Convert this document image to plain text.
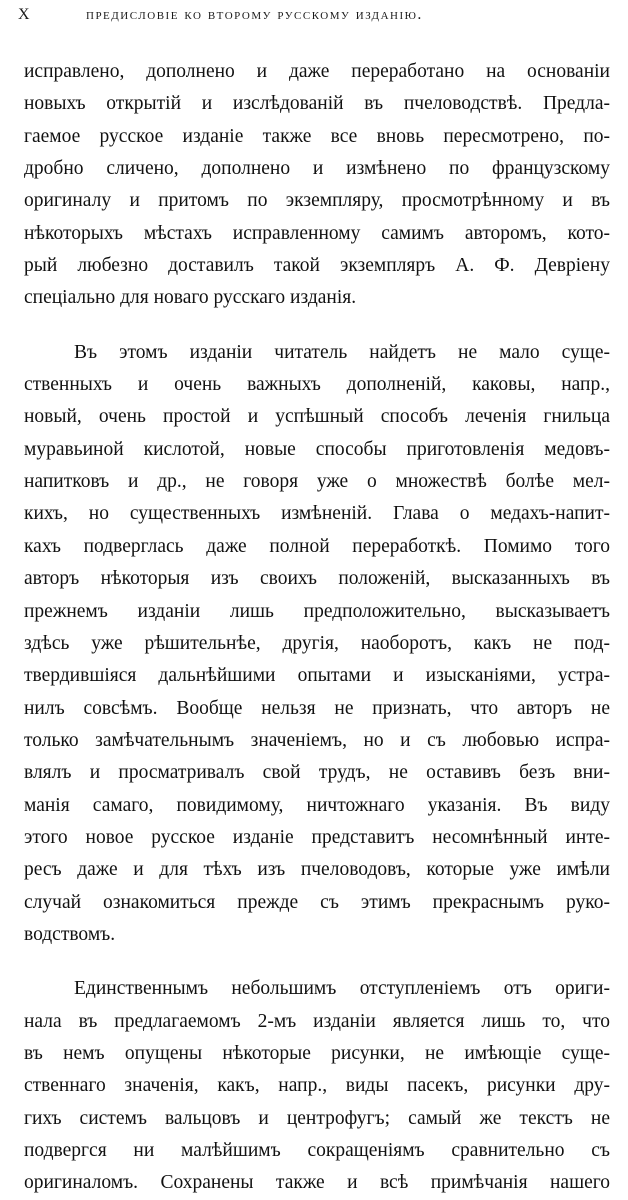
X	предисловіе ко второму русскому изданію.
исправлено, дополнено и даже переработано на основаніи
новыхъ открытій и изслѣдованій въ пчеловодствѣ. Предла-
гаемое русское изданіе также все вновь пересмотрено, по-
дробно сличено, дополнено и измѣнено по французскому
оригиналу и притомъ по экземпляру, просмотрѣнному и въ
нѣкоторыхъ мѣстахъ исправленному самимъ авторомъ, кото-
рый любезно доставилъ такой экземпляръ А. Ф. Девріену
спеціально для новаго русскаго изданія.
Въ этомъ изданіи читатель найдетъ не мало суще-
ственныхъ и очень важныхъ дополненій, каковы, напр.,
новый, очень простой и успѣшный способъ леченія гнильца
муравьиной кислотой, новые способы приготовленія медовъ-
напитковъ и др., не говоря уже о множествѣ болѣе мел-
кихъ, но существенныхъ измѣненій. Глава о медахъ-напит-
кахъ подверглась даже полной переработкѣ. Помимо того
авторъ нѣкоторыя изъ своихъ положеній, высказанныхъ въ
прежнемъ изданіи лишь предположительно, высказываетъ
здѣсь уже рѣшительнѣе, другія, наоборотъ, какъ не под-
твердившіяся дальнѣйшими опытами и изысканіями, устра-
нилъ совсѣмъ. Вообще нельзя не признать, что авторъ не
только замѣчательнымъ значеніемъ, но и съ любовью испра-
влялъ и просматривалъ свой трудъ, не оставивъ безъ вни-
манія самаго, повидимому, ничтожнаго указанія. Въ виду
этого новое русское изданіе представитъ несомнѣнный инте-
ресъ даже и для тѣхъ изъ пчеловодовъ, которые уже имѣли
случай ознакомиться прежде съ этимъ прекраснымъ руко-
водствомъ.
Единственнымъ небольшимъ отступленіемъ отъ ориги-
нала въ предлагаемомъ 2-мъ изданіи является лишь то, что
въ немъ опущены нѣкоторые рисунки, не имѣющіе суще-
ственнаго значенія, какъ, напр., виды пасекъ, рисунки дру-
гихъ системъ вальцовъ и центрофугъ; самый же текстъ не
подвергся ни малѣйшимъ сокращеніямъ сравнительно съ
оригиналомъ. Сохранены также и всѣ примѣчанія нашего
